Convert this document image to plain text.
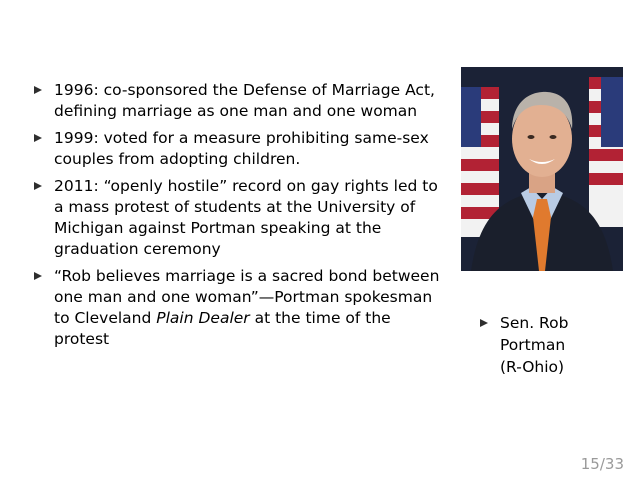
1996: co-sponsored the Defense of Marriage Act,
defining marriage as one man and one woman
1999: voted for a measure prohibiting same-sex
couples from adopting children.
2011: “openly hostile” record on gay rights led to
a mass protest of students at the University of
Michigan against Portman speaking at the
graduation ceremony
“Rob believes marriage is a sacred bond between
one man and one woman”—Portman spokesman
to Cleveland Plain Dealer at the time of the
protest
Sen. Rob
Portman
(R-Ohio)
15/33
